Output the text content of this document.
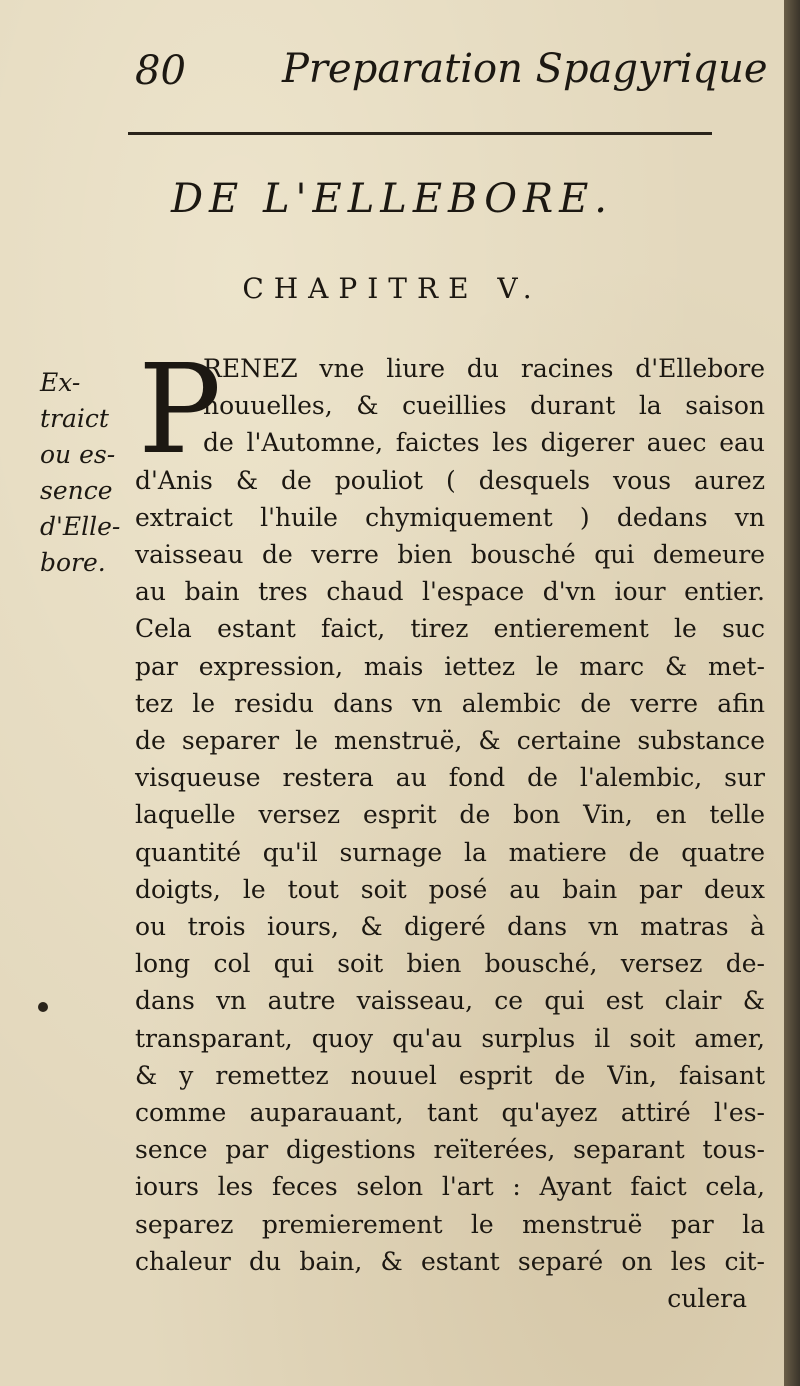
80 Preparation Spagyrique
DE L'ELLEBORE.
CHAPITRE V.
Ex-
traict
ou es-
sence
d'Elle-
bore.
P
RENEZ vne liure du racines d'Ellebore
nouuelles, & cueillies durant la saison
de l'Automne, faictes les digerer auec eau
d'Anis & de pouliot ( desquels vous aurez
extraict l'huile chymiquement ) dedans vn
vaisseau de verre bien bousché qui demeure
au bain tres chaud l'espace d'vn iour entier.
Cela estant faict, tirez entierement le suc
par expression, mais iettez le marc & met-
tez le residu dans vn alembic de verre afin
de separer le menstruë, & certaine substance
visqueuse restera au fond de l'alembic, sur
laquelle versez esprit de bon Vin, en telle
quantité qu'il surnage la matiere de quatre
doigts, le tout soit posé au bain par deux
ou trois iours, & digeré dans vn matras à
long col qui soit bien bousché, versez de-
dans vn autre vaisseau, ce qui est clair &
transparant, quoy qu'au surplus il soit amer,
& y remettez nouuel esprit de Vin, faisant
comme auparauant, tant qu'ayez attiré l'es-
sence par digestions reïterées, separant tous-
iours les feces selon l'art : Ayant faict cela,
separez premierement le menstruë par la
chaleur du bain, & estant separé on les cit-
culera
